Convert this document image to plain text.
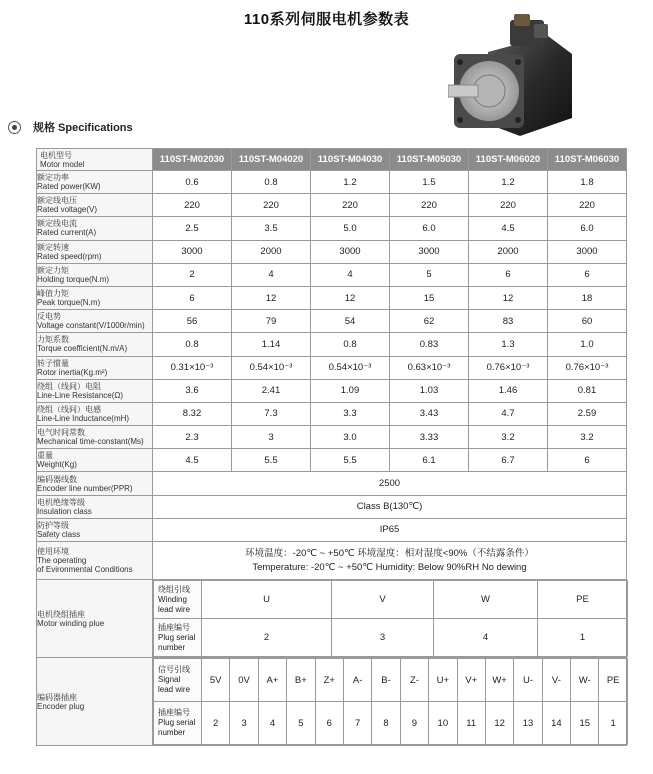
110系列伺服电机参数表
规格 Specifications
电机型号
Motor model	110ST-M02030	110ST-M04020	110ST-M04030	110ST-M05030	110ST-M06020	110ST-M06030

额定功率
Rated power(KW)	0.6	0.8	1.2	1.5	1.2	1.8

额定线电压
Rated voltage(V)	220	220	220	220	220	220

额定线电流
Rated current(A)	2.5	3.5	5.0	6.0	4.5	6.0

额定转速
Rated speed(rpm)	3000	2000	3000	3000	2000	3000

额定力矩
Holding torque(N.m)	2	4	4	5	6	6

峰值力矩
Peak torque(N.m)	6	12	12	15	12	18

反电势
Voltage constant(V/1000r/min)	56	79	54	62	83	60

力矩系数
Torque coefficient(N.m/A)	0.8	1.14	0.8	0.83	1.3	1.0

转子惯量
Rotor inertia(Kg.m²)	0.31×10⁻³	0.54×10⁻³	0.54×10⁻³	0.63×10⁻³	0.76×10⁻³	0.76×10⁻³

绕组（线间）电阻
Line-Line Resistance(Ω)	3.6	2.41	1.09	1.03	1.46	0.81

绕组（线间）电感
Line-Line Inductance(mH)	8.32	7.3	3.3	3.43	4.7	2.59

电气时间常数
Mechanical time-constant(Ms)	2.3	3	3.0	3.33	3.2	3.2

重量
Weight(Kg)	4.5	5.5	5.5	6.1	6.7	6

编码器线数
Encoder line number(PPR)	2500

电机绝缘等级
Insulation class	Class B(130℃)

防护等级
Safety class	IP65

使用环境
The operating
of Evironmental Conditions

环境温度：-20℃ ~ +50℃ 环境湿度：相对湿度<90%（不结露条件）
Temperature: -20℃ ~ +50℃ Humidity: Below 90%RH No dewing

电机绕组插座
Motor winding plue

绕组引线
Winding
lead wire
	U	V	W	PE

插座编号
Plug serial
number
	2	3	4	1

编码器插座
Encoder plug

信号引线
Signal
lead wire
	5V	0V	A+	B+	Z+	A-	B-	Z-	U+	V+	W+	U-	V-	W-	PE

插座编号
Plug serial
number
	2	3	4	5	6	7	8	9	10	11	12	13	14	15	1
